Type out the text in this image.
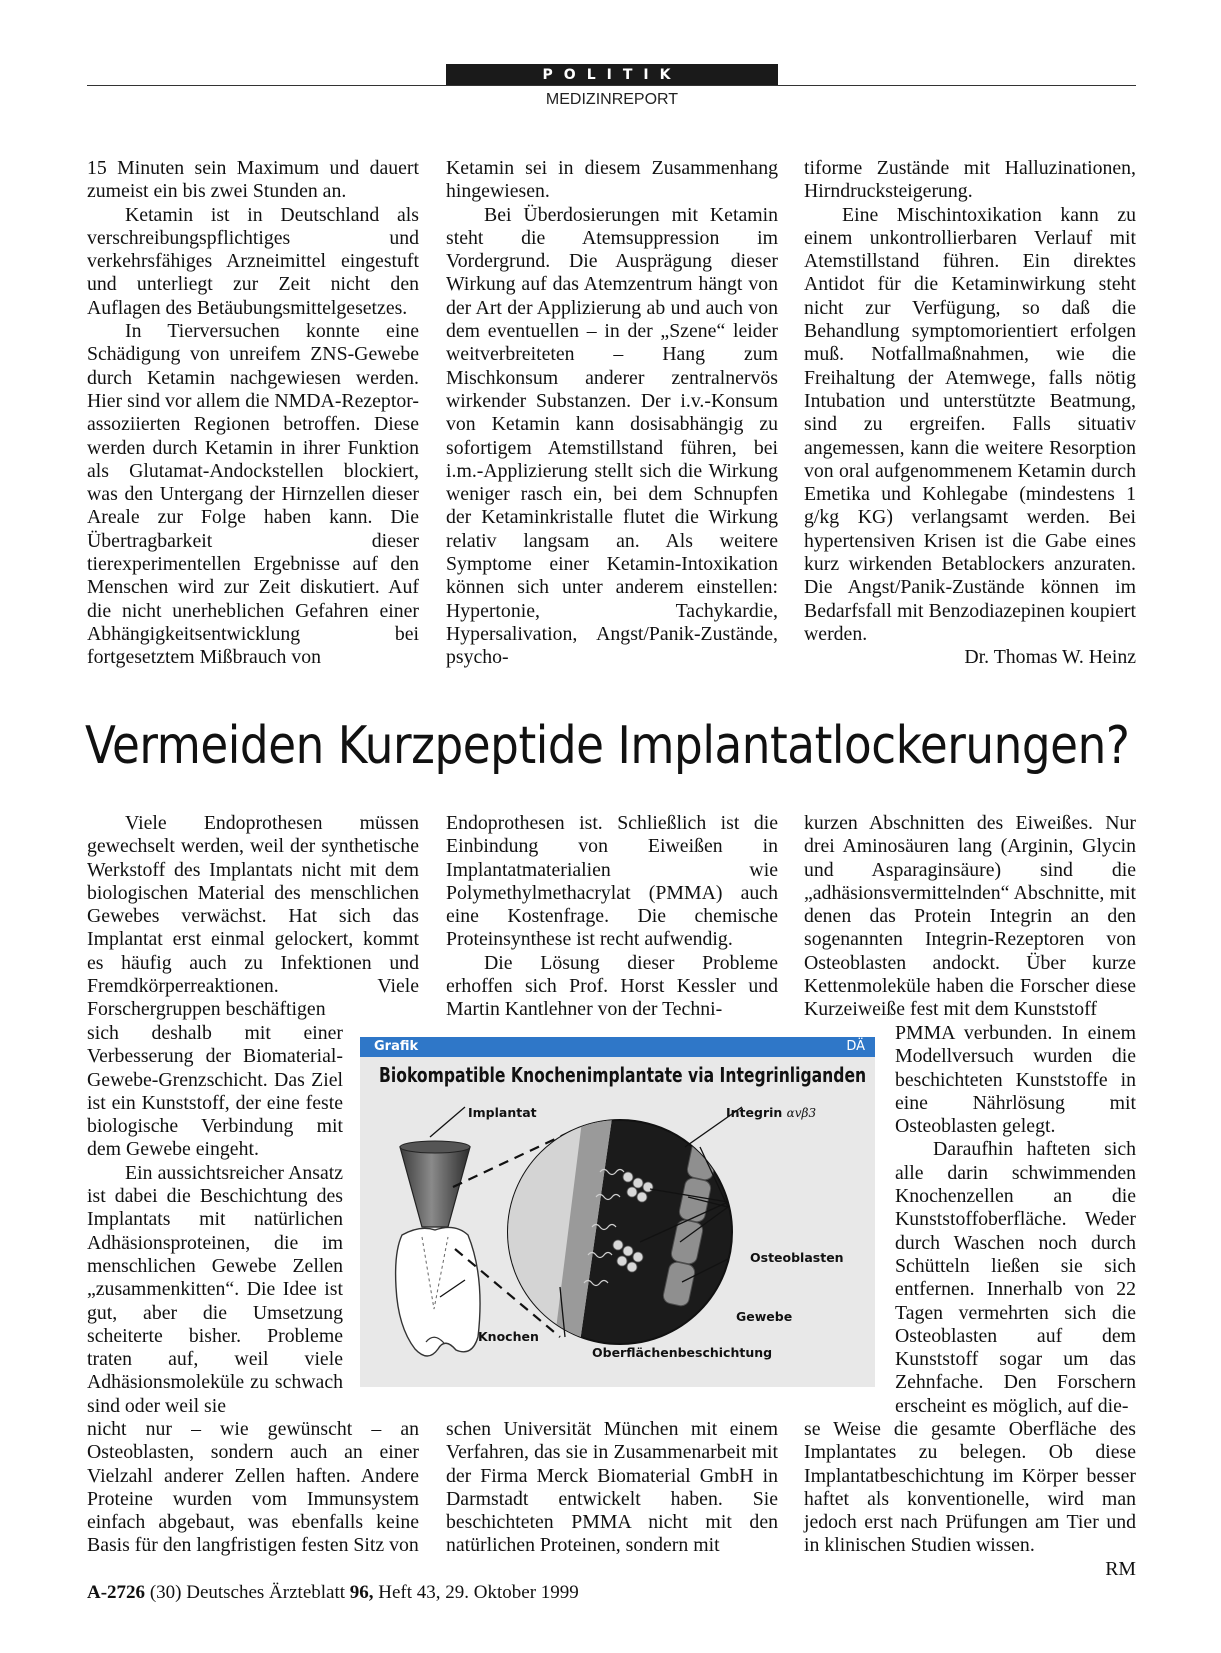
POLITIK
MEDIZINREPORT

15 Minuten sein Maximum und dauert zumeist ein bis zwei Stunden an.

Ketamin ist in Deutschland als verschreibungspflichtiges und verkehrsfähiges Arzneimittel eingestuft und unterliegt zur Zeit nicht den Auflagen des Betäubungsmittelgesetzes.

In Tierversuchen konnte eine Schädigung von unreifem ZNS-Gewebe durch Ketamin nachgewiesen werden. Hier sind vor allem die NMDA-Rezeptor-assoziierten Regionen betroffen. Diese werden durch Ketamin in ihrer Funktion als Glutamat-Andockstellen blockiert, was den Untergang der Hirnzellen dieser Areale zur Folge haben kann. Die Übertragbarkeit dieser tierexperimentellen Ergebnisse auf den Menschen wird zur Zeit diskutiert. Auf die nicht unerheblichen Gefahren einer Abhängigkeitsentwicklung bei fortgesetztem Mißbrauch von

Ketamin sei in diesem Zusammenhang hingewiesen.

Bei Überdosierungen mit Ketamin steht die Atemsuppression im Vordergrund. Die Ausprägung dieser Wirkung auf das Atemzentrum hängt von der Art der Applizierung ab und auch von dem eventuellen – in der „Szene“ leider weitverbreiteten – Hang zum Mischkonsum anderer zentralnervös wirkender Substanzen. Der i.v.-Konsum von Ketamin kann dosisabhängig zu sofortigem Atemstillstand führen, bei i.m.-Applizierung stellt sich die Wirkung weniger rasch ein, bei dem Schnupfen der Ketaminkristalle flutet die Wirkung relativ langsam an. Als weitere Symptome einer Ketamin-Intoxikation können sich unter anderem einstellen: Hypertonie, Tachykardie, Hypersalivation, Angst/Panik-Zustände, psycho-

tiforme Zustände mit Halluzinationen, Hirndrucksteigerung.

Eine Mischintoxikation kann zu einem unkontrollierbaren Verlauf mit Atemstillstand führen. Ein direktes Antidot für die Ketaminwirkung steht nicht zur Verfügung, so daß die Behandlung symptomorientiert erfolgen muß. Notfallmaßnahmen, wie die Freihaltung der Atemwege, falls nötig Intubation und unterstützte Beatmung, sind zu ergreifen. Falls situativ angemessen, kann die weitere Resorption von oral aufgenommenem Ketamin durch Emetika und Kohlegabe (mindestens 1 g/kg KG) verlangsamt werden. Bei hypertensiven Krisen ist die Gabe eines kurz wirkenden Betablockers anzuraten. Die Angst/Panik-Zustände können im Bedarfsfall mit Benzodiazepinen koupiert werden.

Dr. Thomas W. Heinz
Vermeiden Kurzpeptide Implantatlockerungen?

Viele Endoprothesen müssen gewechselt werden, weil der synthetische Werkstoff des Implantats nicht mit dem biologischen Material des menschlichen Gewebes verwächst. Hat sich das Implantat erst einmal gelockert, kommt es häufig auch zu Infektionen und Fremdkörperreaktionen. Viele Forschergruppen beschäftigen

sich deshalb mit einer Verbesserung der Biomaterial-Gewebe-Grenzschicht. Das Ziel ist ein Kunststoff, der eine feste biologische Verbindung mit dem Gewebe eingeht.

Ein aussichtsreicher Ansatz ist dabei die Beschichtung des Implantats mit natürlichen Adhäsionsproteinen, die im menschlichen Gewebe Zellen „zusammenkitten“. Die Idee ist gut, aber die Umsetzung scheiterte bisher. Probleme traten auf, weil viele Adhäsionsmoleküle zu schwach sind oder weil sie

nicht nur – wie gewünscht – an Osteoblasten, sondern auch an einer Vielzahl anderer Zellen haften. Andere Proteine wurden vom Immunsystem einfach abgebaut, was ebenfalls keine Basis für den langfristigen festen Sitz von

Endoprothesen ist. Schließlich ist die Einbindung von Eiweißen in Implantatmaterialien wie Polymethylmethacrylat (PMMA) auch eine Kostenfrage. Die chemische Proteinsynthese ist recht aufwendig.

Die Lösung dieser Probleme erhoffen sich Prof. Horst Kessler und Martin Kantlehner von der Techni-

schen Universität München mit einem Verfahren, das sie in Zusammenarbeit mit der Firma Merck Biomaterial GmbH in Darmstadt entwickelt haben. Sie beschichteten PMMA nicht mit den natürlichen Proteinen, sondern mit

kurzen Abschnitten des Eiweißes. Nur drei Aminosäuren lang (Arginin, Glycin und Asparaginsäure) sind die „adhäsionsvermittelnden“ Abschnitte, mit denen das Protein Integrin an den sogenannten Integrin-Rezeptoren von Osteoblasten andockt. Über kurze Kettenmoleküle haben die Forscher diese Kurzeiweiße fest mit dem Kunststoff

PMMA verbunden. In einem Modellversuch wurden die beschichteten Kunststoffe in eine Nährlösung mit Osteoblasten gelegt.

Daraufhin hafteten sich alle darin schwimmenden Knochenzellen an die Kunststoffoberfläche. Weder durch Waschen noch durch Schütteln ließen sie sich entfernen. Innerhalb von 22 Tagen vermehrten sich die Osteoblasten auf dem Kunststoff sogar um das Zehnfache. Den Forschern erscheint es möglich, auf die-

se Weise die gesamte Oberfläche des Implantates zu belegen. Ob diese Implantatbeschichtung im Körper besser haftet als konventionelle, wird man jedoch erst nach Prüfungen am Tier und in klinischen Studien wissen.

RM
Grafik	DÄ
Biokompatible Knochenimplantate via Integrinliganden
Implantat	Integrin αvβ3
Osteoblasten
Gewebe
Knochen
Oberflächenbeschichtung
A-2726 (30) Deutsches Ärzteblatt 96, Heft 43, 29. Oktober 1999
